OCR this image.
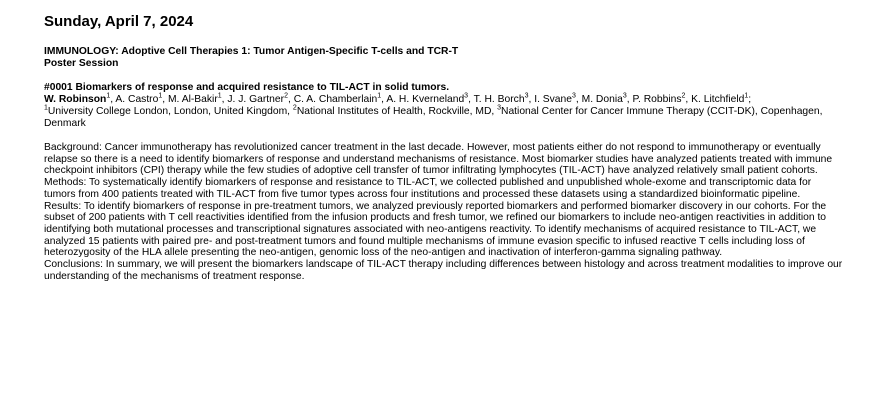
Sunday, April 7, 2024
IMMUNOLOGY: Adoptive Cell Therapies 1: Tumor Antigen-Specific T-cells and TCR-T
Poster Session
#0001 Biomarkers of response and acquired resistance to TIL-ACT in solid tumors.
W. Robinson$^1$, A. Castro$^1$, M. Al-Bakir$^1$, J. J. Gartner$^2$, C. A. Chamberlain$^1$, A. H. Kverneland$^3$, T. H. Borch$^3$, I. Svane$^3$, M. Donia$^3$, P. Robbins$^2$, K. Litchfield$^1$;
$^1$University College London, London, United Kingdom, $^2$National Institutes of Health, Rockville, MD, $^3$National Center for Cancer Immune Therapy (CCIT-DK), Copenhagen, Denmark

Background: Cancer immunotherapy has revolutionized cancer treatment in the last decade. However, most patients either do not respond to immunotherapy or eventually relapse so there is a need to identify biomarkers of response and understand mechanisms of resistance. Most biomarker studies have analyzed patients treated with immune checkpoint inhibitors (CPI) therapy while the few studies of adoptive cell transfer of tumor infiltrating lymphocytes (TIL-ACT) have analyzed relatively small patient cohorts.

Methods: To systematically identify biomarkers of response and resistance to TIL-ACT, we collected published and unpublished whole-exome and transcriptomic data for tumors from 400 patients treated with TIL-ACT from five tumor types across four institutions and processed these datasets using a standardized bioinformatic pipeline.

Results: To identify biomarkers of response in pre-treatment tumors, we analyzed previously reported biomarkers and performed biomarker discovery in our cohorts. For the subset of 200 patients with T cell reactivities identified from the infusion products and fresh tumor, we refined our biomarkers to include neo-antigen reactivities in addition to identifying both mutational processes and transcriptional signatures associated with neo-antigens reactivity. To identify mechanisms of acquired resistance to TIL-ACT, we analyzed 15 patients with paired pre- and post-treatment tumors and found multiple mechanisms of immune evasion specific to infused reactive T cells including loss of heterozygosity of the HLA allele presenting the neo-antigen, genomic loss of the neo-antigen and inactivation of interferon-gamma signaling pathway.

Conclusions: In summary, we will present the biomarkers landscape of TIL-ACT therapy including differences between histology and across treatment modalities to improve our understanding of the mechanisms of treatment response.
